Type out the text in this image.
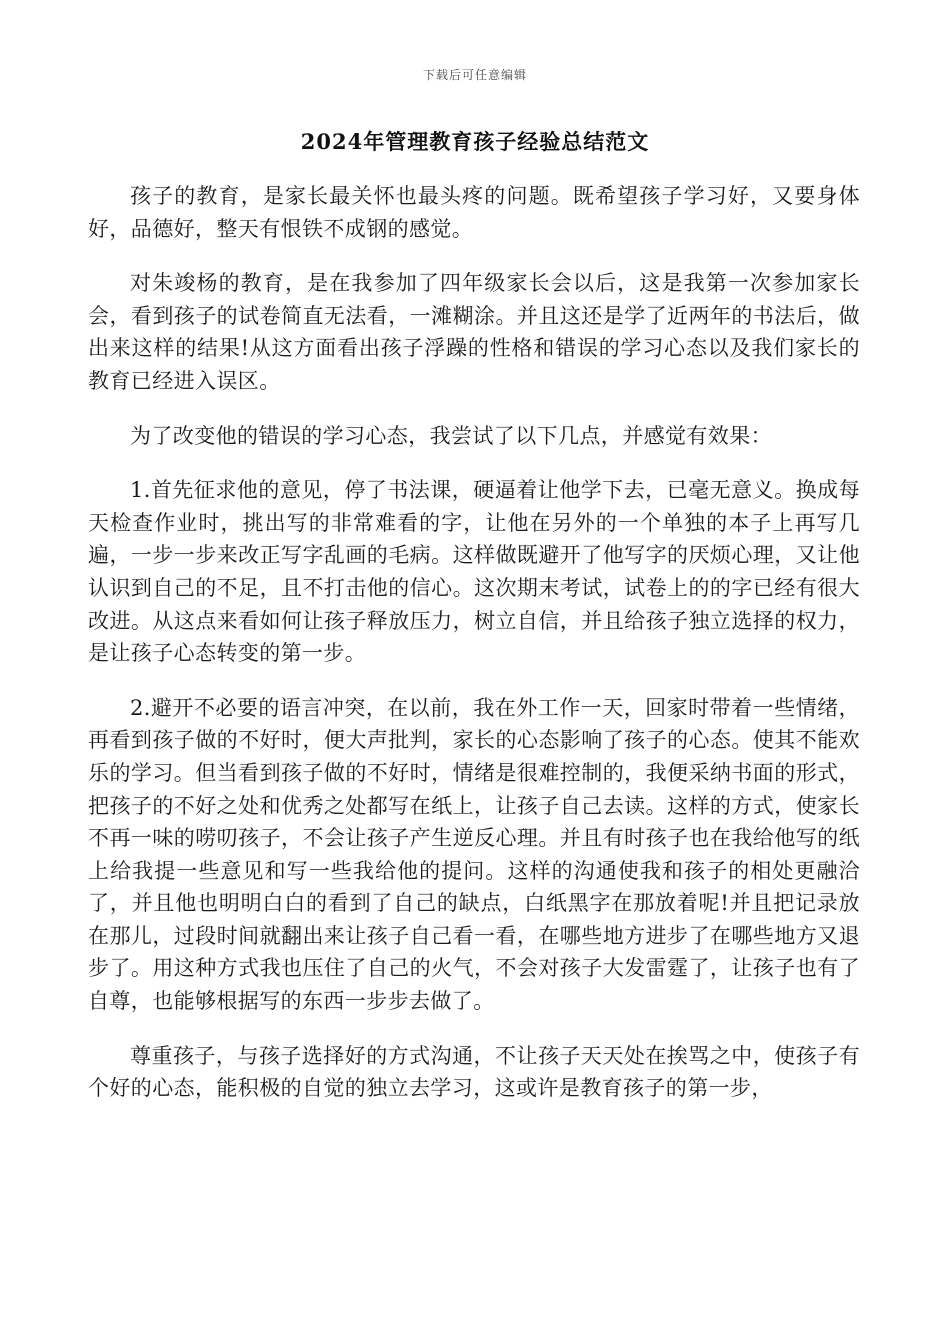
下载后可任意编辑
2024年管理教育孩子经验总结范文

孩子的教育，是家长最关怀也最头疼的问题。既希望孩子学习好，又要身体好，品德好，整天有恨铁不成钢的感觉。

对朱竣杨的教育，是在我参加了四年级家长会以后，这是我第一次参加家长会，看到孩子的试卷简直无法看，一滩糊涂。并且这还是学了近两年的书法后，做出来这样的结果!从这方面看出孩子浮躁的性格和错误的学习心态以及我们家长的教育已经进入误区。

为了改变他的错误的学习心态，我尝试了以下几点，并感觉有效果：

1.首先征求他的意见，停了书法课，硬逼着让他学下去，已毫无意义。换成每天检查作业时，挑出写的非常难看的字，让他在另外的一个单独的本子上再写几遍，一步一步来改正写字乱画的毛病。这样做既避开了他写字的厌烦心理，又让他认识到自己的不足，且不打击他的信心。这次期末考试，试卷上的的字已经有很大改进。从这点来看如何让孩子释放压力，树立自信，并且给孩子独立选择的权力，是让孩子心态转变的第一步。

2.避开不必要的语言冲突，在以前，我在外工作一天，回家时带着一些情绪，再看到孩子做的不好时，便大声批判，家长的心态影响了孩子的心态。使其不能欢乐的学习。但当看到孩子做的不好时，情绪是很难控制的，我便采纳书面的形式，把孩子的不好之处和优秀之处都写在纸上，让孩子自己去读。这样的方式，使家长不再一味的唠叨孩子，不会让孩子产生逆反心理。并且有时孩子也在我给他写的纸上给我提一些意见和写一些我给他的提问。这样的沟通使我和孩子的相处更融洽了，并且他也明明白白的看到了自己的缺点，白纸黑字在那放着呢!并且把记录放在那儿，过段时间就翻出来让孩子自己看一看，在哪些地方进步了在哪些地方又退步了。用这种方式我也压住了自己的火气，不会对孩子大发雷霆了，让孩子也有了自尊，也能够根据写的东西一步步去做了。

尊重孩子，与孩子选择好的方式沟通，不让孩子天天处在挨骂之中，使孩子有个好的心态，能积极的自觉的独立去学习，这或许是教育孩子的第一步，
